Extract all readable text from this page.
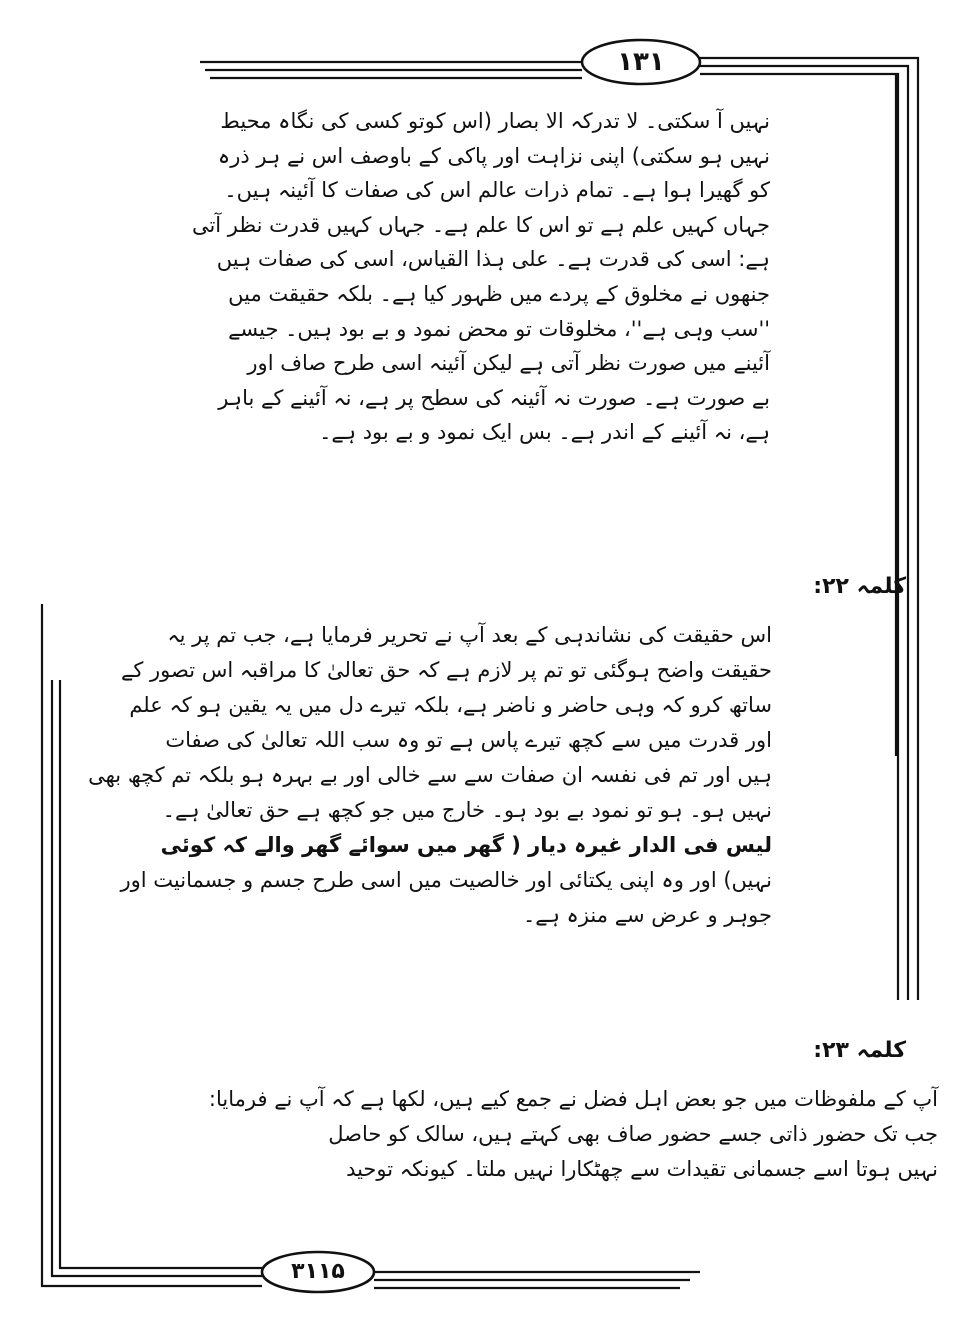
۱۳۱
۳۱۱۵
نہیں آ سکتی۔ لا تدرکہ الا بصار (اس کوتو کسی کی نگاہ محیط
نہیں ہو سکتی) اپنی نزاہت اور پاکی کے باوصف اس نے ہر ذرہ
کو گھیرا ہوا ہے۔ تمام ذرات عالم اس کی صفات کا آئینہ ہیں۔
جہاں کہیں علم ہے تو اس کا علم ہے۔ جہاں کہیں قدرت نظر آتی
ہے: اسی کی قدرت ہے۔ علی ہذا القیاس، اسی کی صفات ہیں
جنھوں نے مخلوق کے پردے میں ظہور کیا ہے۔ بلکہ حقیقت میں
''سب وہی ہے''، مخلوقات تو محض نمود و بے بود ہیں۔ جیسے
آئینے میں صورت نظر آتی ہے لیکن آئینہ اسی طرح صاف اور
بے صورت ہے۔ صورت نہ آئینہ کی سطح پر ہے، نہ آئینے کے باہر
ہے، نہ آئینے کے اندر ہے۔ بس ایک نمود و بے بود ہے۔
کلمہ ۲۲:
اس حقیقت کی نشاندہی کے بعد آپ نے تحریر فرمایا ہے، جب تم پر یہ
حقیقت واضح ہوگئی تو تم پر لازم ہے کہ حق تعالیٰ کا مراقبہ اس تصور کے
ساتھ کرو کہ وہی حاضر و ناضر ہے، بلکہ تیرے دل میں یہ یقین ہو کہ علم
اور قدرت میں سے کچھ تیرے پاس ہے تو وہ سب اللہ تعالیٰ کی صفات
ہیں اور تم فی نفسہ ان صفات سے سے خالی اور بے بہرہ ہو بلکہ تم کچھ بھی
نہیں ہو۔ ہو تو نمود بے بود ہو۔ خارج میں جو کچھ ہے حق تعالیٰ ہے۔
لیس فی الدار غیرہ دیار ( گھر میں سوائے گھر والے کہ کوئی
نہیں) اور وہ اپنی یکتائی اور خالصیت میں اسی طرح جسم و جسمانیت اور
جوہر و عرض سے منزہ ہے۔
کلمہ ۲۳:
آپ کے ملفوظات میں جو بعض اہل فضل نے جمع کیے ہیں، لکھا ہے کہ آپ نے فرمایا:
جب تک حضور ذاتی جسے حضور صاف بھی کہتے ہیں، سالک کو حاصل
نہیں ہوتا اسے جسمانی تقیدات سے چھٹکارا نہیں ملتا۔ کیونکہ توحید
